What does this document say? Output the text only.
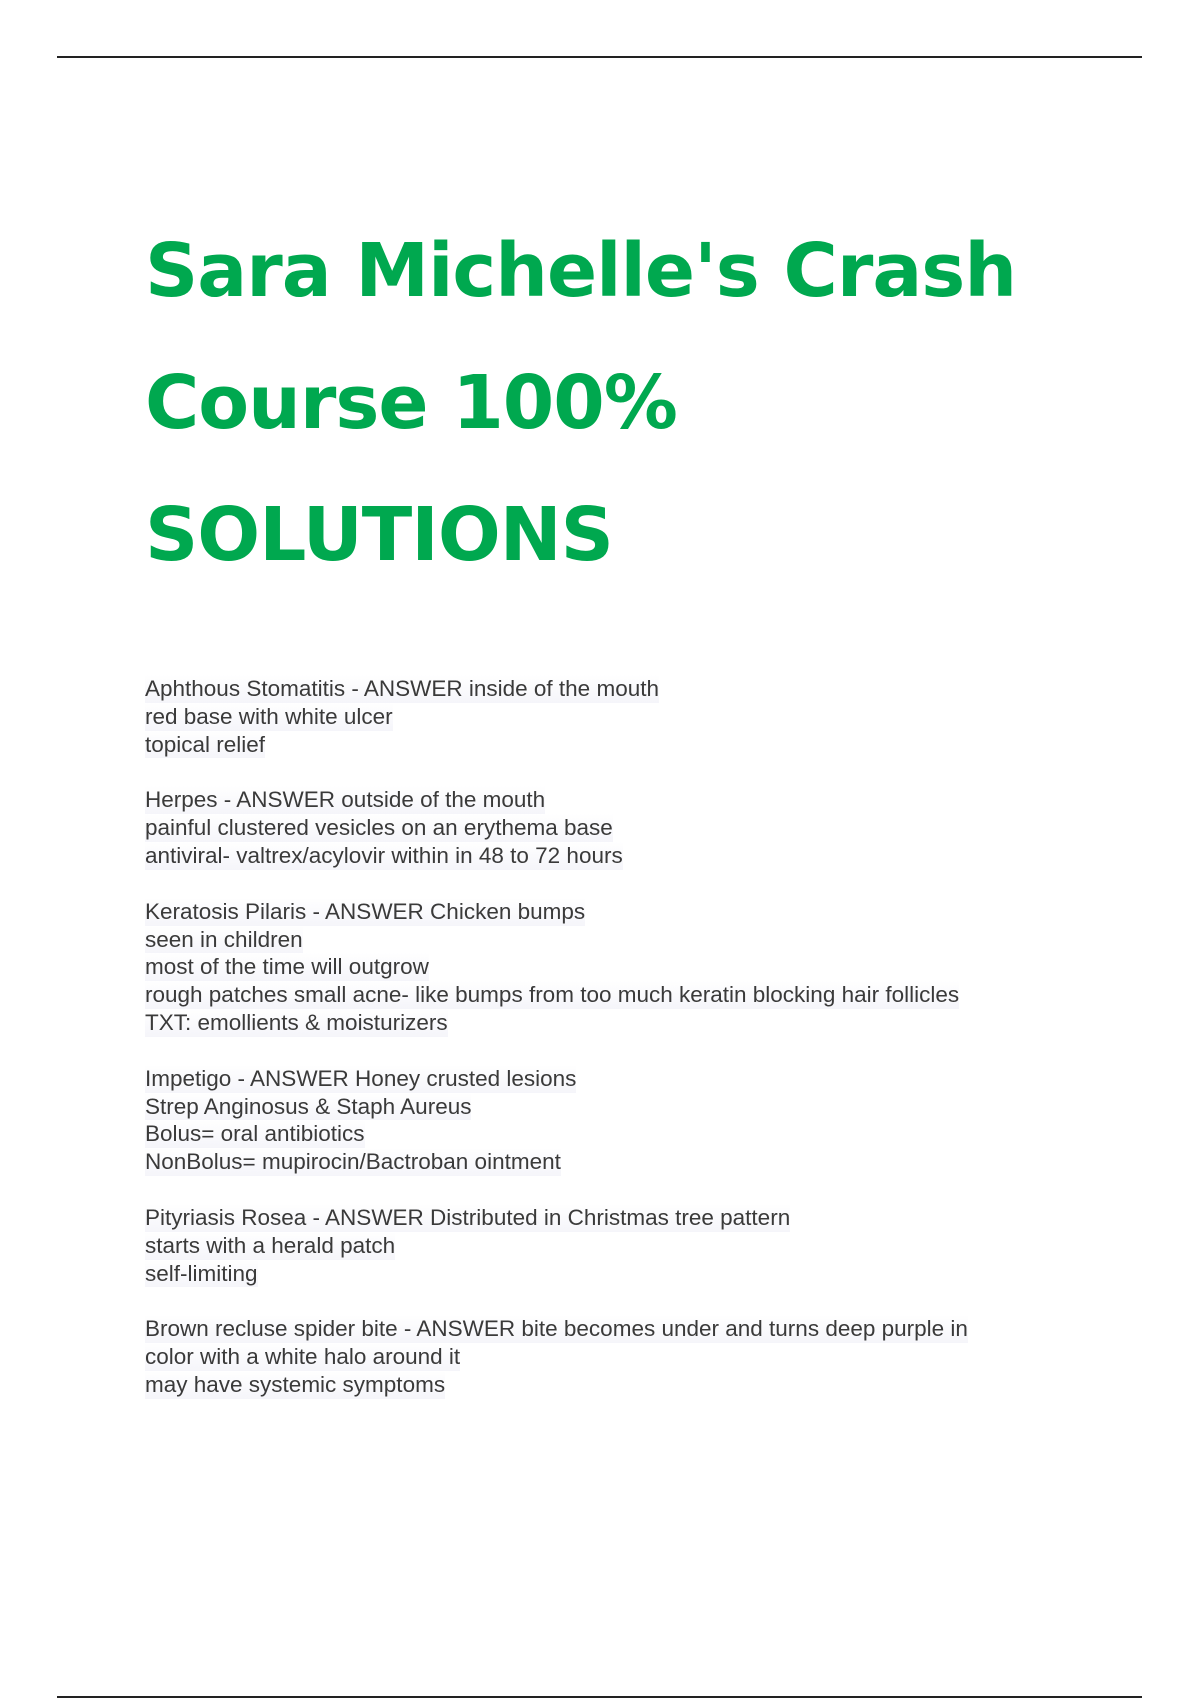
Sara Michelle's Crash
Course 100%
SOLUTIONS
Aphthous Stomatitis - ANSWER inside of the mouth
red base with white ulcer
topical relief
Herpes - ANSWER outside of the mouth
painful clustered vesicles on an erythema base
antiviral- valtrex/acylovir within in 48 to 72 hours
Keratosis Pilaris - ANSWER Chicken bumps
seen in children
most of the time will outgrow
rough patches small acne- like bumps from too much keratin blocking hair follicles
TXT: emollients & moisturizers
Impetigo - ANSWER Honey crusted lesions
Strep Anginosus & Staph Aureus
Bolus= oral antibiotics
NonBolus= mupirocin/Bactroban ointment
Pityriasis Rosea - ANSWER Distributed in Christmas tree pattern
starts with a herald patch
self-limiting
Brown recluse spider bite - ANSWER bite becomes under and turns deep purple in
color with a white halo around it
may have systemic symptoms
